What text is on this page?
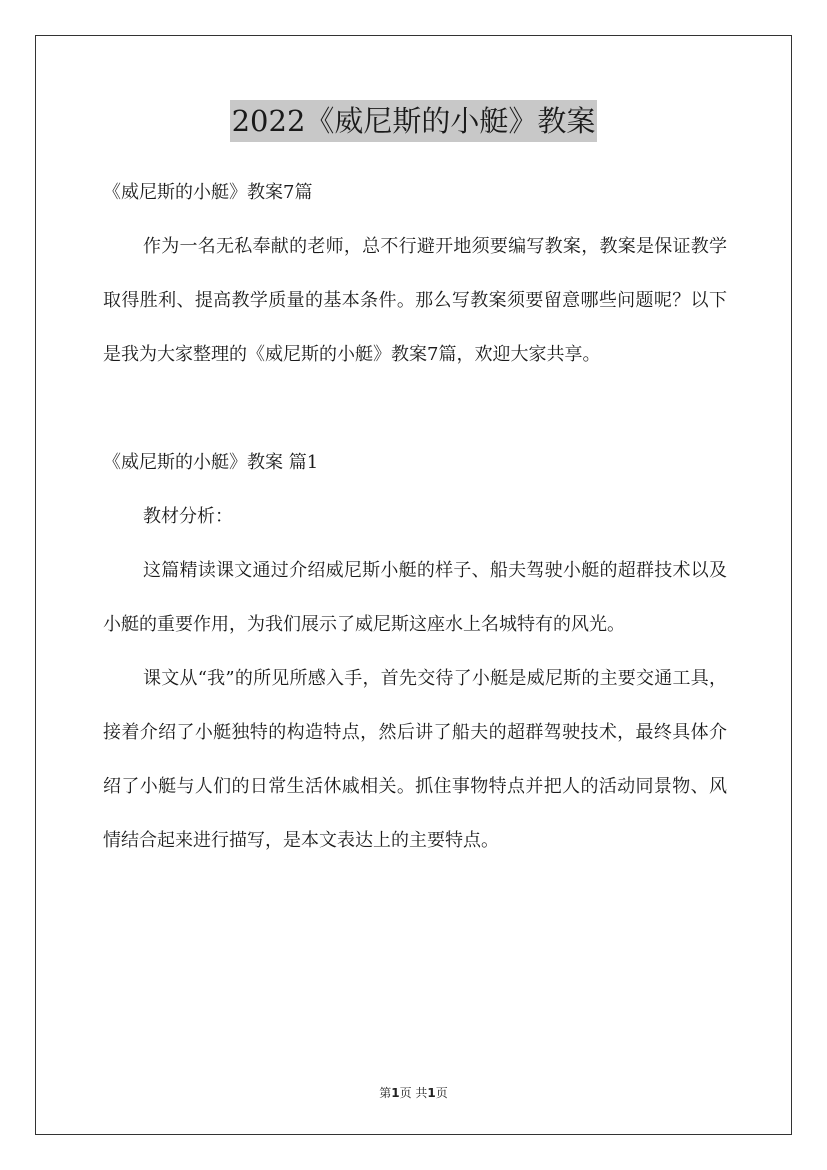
2022《威尼斯的小艇》教案

《威尼斯的小艇》教案7篇

作为一名无私奉献的老师，总不行避开地须要编写教案，教案是保证教学取得胜利、提高教学质量的基本条件。那么写教案须要留意哪些问题呢？以下是我为大家整理的《威尼斯的小艇》教案7篇，欢迎大家共享。

《威尼斯的小艇》教案 篇1

教材分析：

这篇精读课文通过介绍威尼斯小艇的样子、船夫驾驶小艇的超群技术以及小艇的重要作用，为我们展示了威尼斯这座水上名城特有的风光。

课文从“我”的所见所感入手，首先交待了小艇是威尼斯的主要交通工具，接着介绍了小艇独特的构造特点，然后讲了船夫的超群驾驶技术，最终具体介绍了小艇与人们的日常生活休戚相关。抓住事物特点并把人的活动同景物、风情结合起来进行描写，是本文表达上的主要特点。

第1页 共1页
